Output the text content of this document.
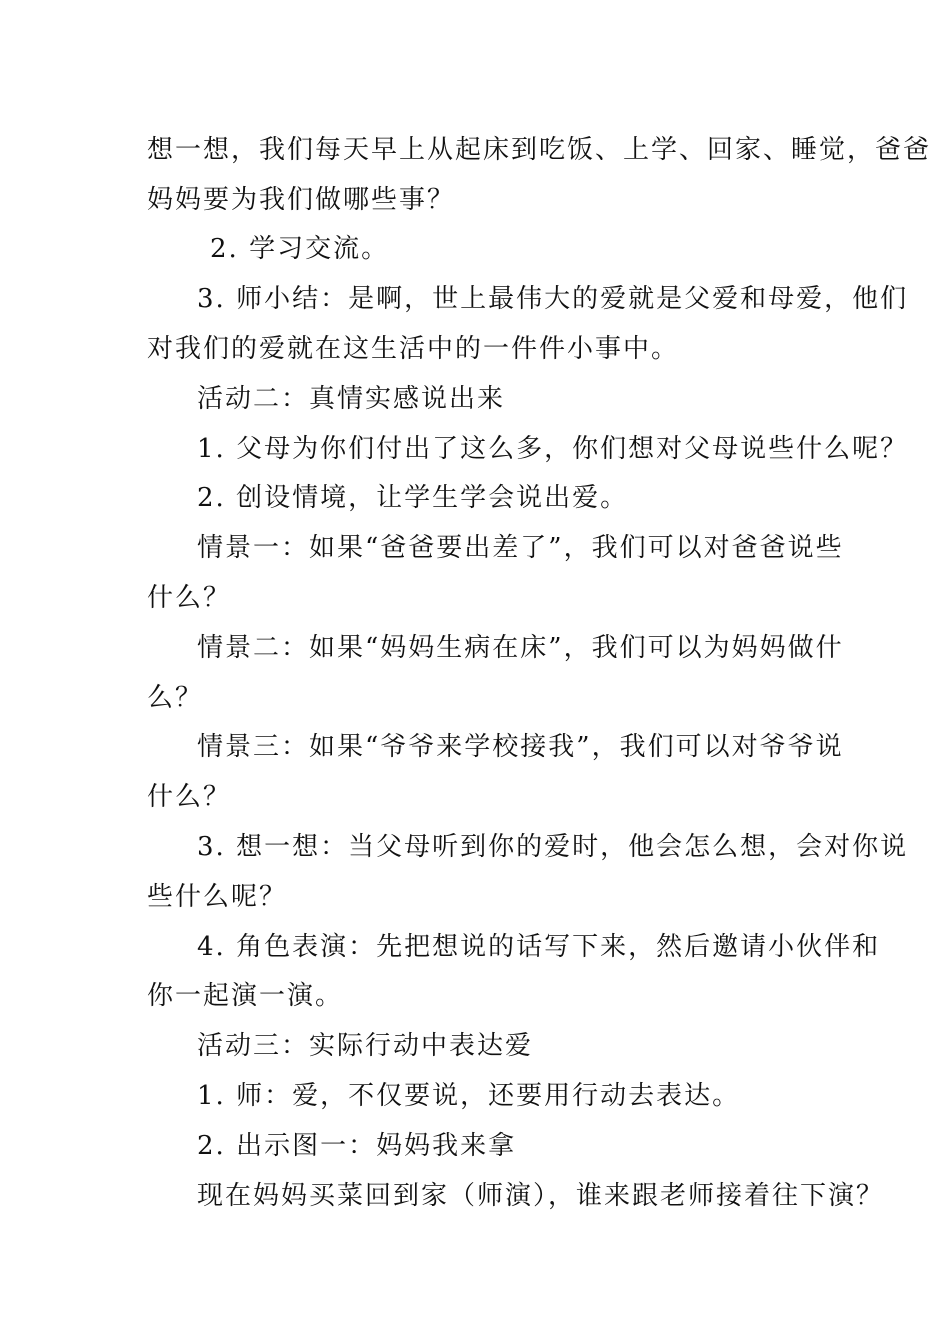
想一想，我们每天早上从起床到吃饭、上学、回家、睡觉，爸爸
妈妈要为我们做哪些事？
2. 学习交流。
3. 师小结：是啊，世上最伟大的爱就是父爱和母爱，他们
对我们的爱就在这生活中的一件件小事中。
活动二：真情实感说出来
1. 父母为你们付出了这么多，你们想对父母说些什么呢？
2. 创设情境，让学生学会说出爱。
情景一：如果“爸爸要出差了”，我们可以对爸爸说些
什么？
情景二：如果“妈妈生病在床”，我们可以为妈妈做什
么？
情景三：如果“爷爷来学校接我”，我们可以对爷爷说
什么？
3. 想一想：当父母听到你的爱时，他会怎么想，会对你说
些什么呢？
4. 角色表演：先把想说的话写下来，然后邀请小伙伴和
你一起演一演。
活动三：实际行动中表达爱
1. 师：爱，不仅要说，还要用行动去表达。
2. 出示图一：妈妈我来拿
现在妈妈买菜回到家（师演），谁来跟老师接着往下演？
